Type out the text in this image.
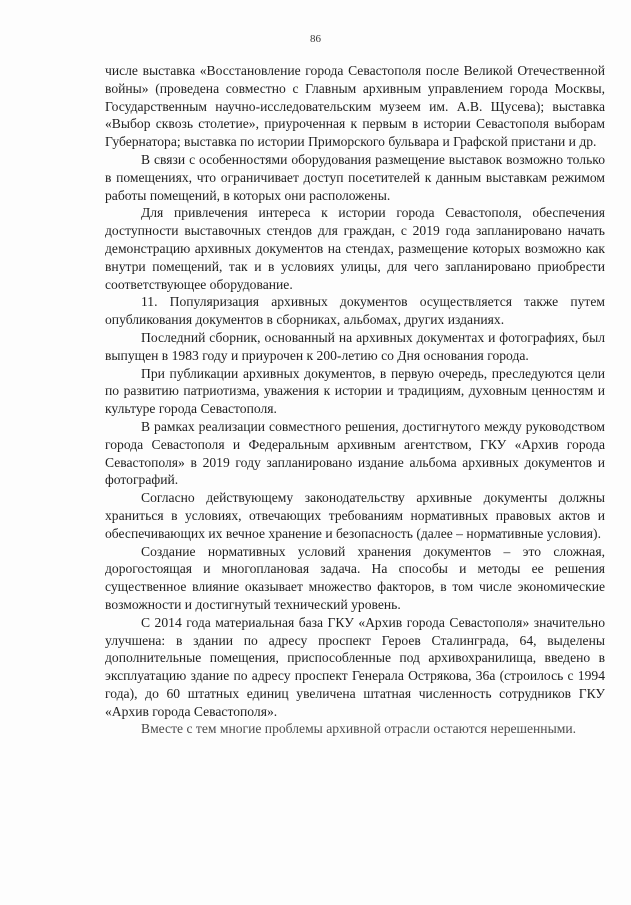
86

числе выставка «Восстановление города Севастополя после Великой Отечественной войны» (проведена совместно с Главным архивным управлением города Москвы, Государственным научно-исследовательским музеем им. А.В. Щусева); выставка «Выбор сквозь столетие», приуроченная к первым в истории Севастополя выборам Губернатора; выставка по истории Приморского бульвара и Графской пристани и др.

В связи с особенностями оборудования размещение выставок возможно только в помещениях, что ограничивает доступ посетителей к данным выставкам режимом работы помещений, в которых они расположены.

Для привлечения интереса к истории города Севастополя, обеспечения доступности выставочных стендов для граждан, с 2019 года запланировано начать демонстрацию архивных документов на стендах, размещение которых возможно как внутри помещений, так и в условиях улицы, для чего запланировано приобрести соответствующее оборудование.

11. Популяризация архивных документов осуществляется также путем опубликования документов в сборниках, альбомах, других изданиях.

Последний сборник, основанный на архивных документах и фотографиях, был выпущен в 1983 году и приурочен к 200-летию со Дня основания города.

При публикации архивных документов, в первую очередь, преследуются цели по развитию патриотизма, уважения к истории и традициям, духовным ценностям и культуре города Севастополя.

В рамках реализации совместного решения, достигнутого между руководством города Севастополя и Федеральным архивным агентством, ГКУ «Архив города Севастополя» в 2019 году запланировано издание альбома архивных документов и фотографий.

Согласно действующему законодательству архивные документы должны храниться в условиях, отвечающих требованиям нормативных правовых актов и обеспечивающих их вечное хранение и безопасность (далее – нормативные условия).

Создание нормативных условий хранения документов – это сложная, дорогостоящая и многоплановая задача. На способы и методы ее решения существенное влияние оказывает множество факторов, в том числе экономические возможности и достигнутый технический уровень.

С 2014 года материальная база ГКУ «Архив города Севастополя» значительно улучшена: в здании по адресу проспект Героев Сталинграда, 64, выделены дополнительные помещения, приспособленные под архивохранилища, введено в эксплуатацию здание по адресу проспект Генерала Острякова, 36а (строилось с 1994 года), до 60 штатных единиц увеличена штатная численность сотрудников ГКУ «Архив города Севастополя».

Вместе с тем многие проблемы архивной отрасли остаются нерешенными.
